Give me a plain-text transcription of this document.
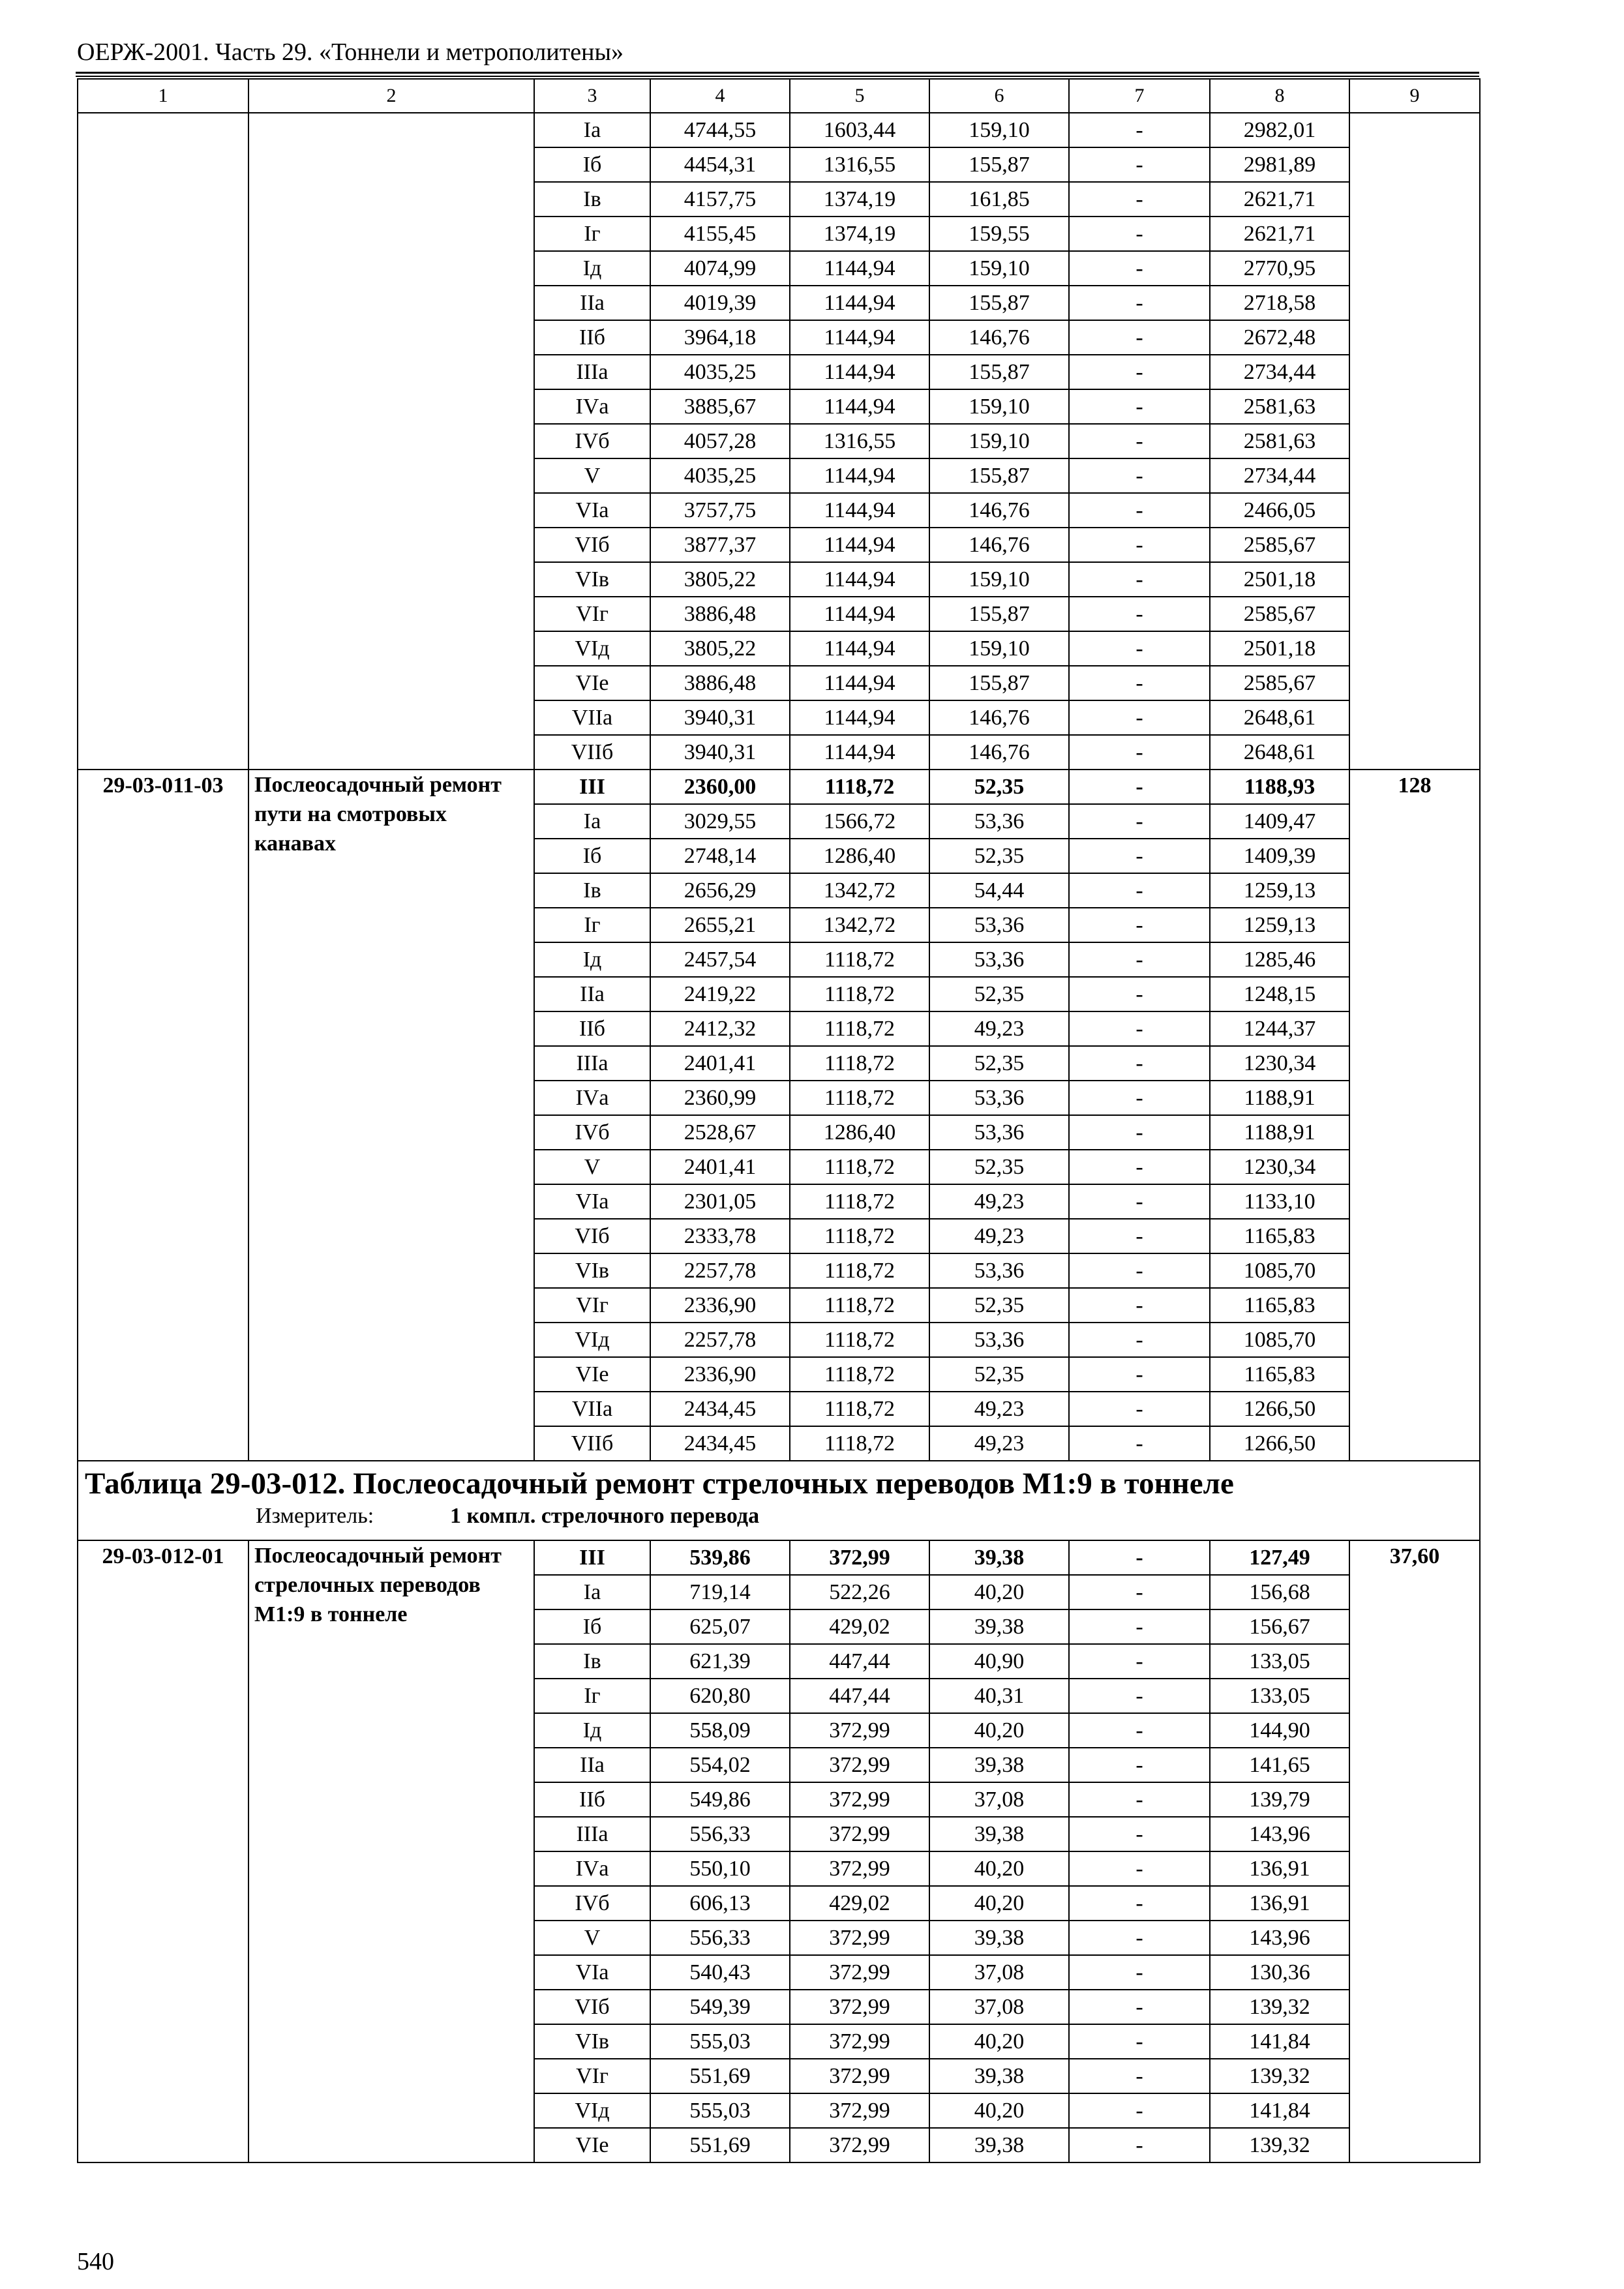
ОЕРЖ-2001. Часть 29. «Тоннели и метрополитены»
1	2	3	4	5	6	7	8	9
		Iа	4744,55	1603,44	159,10	-	2982,01	
		Iб	4454,31	1316,55	155,87	-	2981,89	
		Iв	4157,75	1374,19	161,85	-	2621,71	
		Iг	4155,45	1374,19	159,55	-	2621,71	
		Iд	4074,99	1144,94	159,10	-	2770,95	
		IIа	4019,39	1144,94	155,87	-	2718,58	
		IIб	3964,18	1144,94	146,76	-	2672,48	
		IIIа	4035,25	1144,94	155,87	-	2734,44	
		IVа	3885,67	1144,94	159,10	-	2581,63	
		IVб	4057,28	1316,55	159,10	-	2581,63	
		V	4035,25	1144,94	155,87	-	2734,44	
		VIа	3757,75	1144,94	146,76	-	2466,05	
		VIб	3877,37	1144,94	146,76	-	2585,67	
		VIв	3805,22	1144,94	159,10	-	2501,18	
		VIг	3886,48	1144,94	155,87	-	2585,67	
		VIд	3805,22	1144,94	159,10	-	2501,18	
		VIе	3886,48	1144,94	155,87	-	2585,67	
		VIIа	3940,31	1144,94	146,76	-	2648,61	
		VIIб	3940,31	1144,94	146,76	-	2648,61	
29-03-011-03	Послеосадочный ремонт пути на смотровых канавах	III	2360,00	1118,72	52,35	-	1188,93	128
		Iа	3029,55	1566,72	53,36	-	1409,47	
		Iб	2748,14	1286,40	52,35	-	1409,39	
		Iв	2656,29	1342,72	54,44	-	1259,13	
		Iг	2655,21	1342,72	53,36	-	1259,13	
		Iд	2457,54	1118,72	53,36	-	1285,46	
		IIа	2419,22	1118,72	52,35	-	1248,15	
		IIб	2412,32	1118,72	49,23	-	1244,37	
		IIIа	2401,41	1118,72	52,35	-	1230,34	
		IVа	2360,99	1118,72	53,36	-	1188,91	
		IVб	2528,67	1286,40	53,36	-	1188,91	
		V	2401,41	1118,72	52,35	-	1230,34	
		VIа	2301,05	1118,72	49,23	-	1133,10	
		VIб	2333,78	1118,72	49,23	-	1165,83	
		VIв	2257,78	1118,72	53,36	-	1085,70	
		VIг	2336,90	1118,72	52,35	-	1165,83	
		VIд	2257,78	1118,72	53,36	-	1085,70	
		VIе	2336,90	1118,72	52,35	-	1165,83	
		VIIа	2434,45	1118,72	49,23	-	1266,50	
		VIIб	2434,45	1118,72	49,23	-	1266,50	

Таблица 29-03-012. Послеосадочный ремонт стрелочных переводов М1:9 в тоннеле
Измеритель: 1 компл. стрелочного перевода								

29-03-012-01	Послеосадочный ремонт стрелочных переводов М1:9 в тоннеле	III	539,86	372,99	39,38	-	127,49	37,60
		Iа	719,14	522,26	40,20	-	156,68	
		Iб	625,07	429,02	39,38	-	156,67	
		Iв	621,39	447,44	40,90	-	133,05	
		Iг	620,80	447,44	40,31	-	133,05	
		Iд	558,09	372,99	40,20	-	144,90	
		IIа	554,02	372,99	39,38	-	141,65	
		IIб	549,86	372,99	37,08	-	139,79	
		IIIа	556,33	372,99	39,38	-	143,96	
		IVа	550,10	372,99	40,20	-	136,91	
		IVб	606,13	429,02	40,20	-	136,91	
		V	556,33	372,99	39,38	-	143,96	
		VIа	540,43	372,99	37,08	-	130,36	
		VIб	549,39	372,99	37,08	-	139,32	
		VIв	555,03	372,99	40,20	-	141,84	
		VIг	551,69	372,99	39,38	-	139,32	
		VIд	555,03	372,99	40,20	-	141,84	
		VIе	551,69	372,99	39,38	-	139,32	
540
